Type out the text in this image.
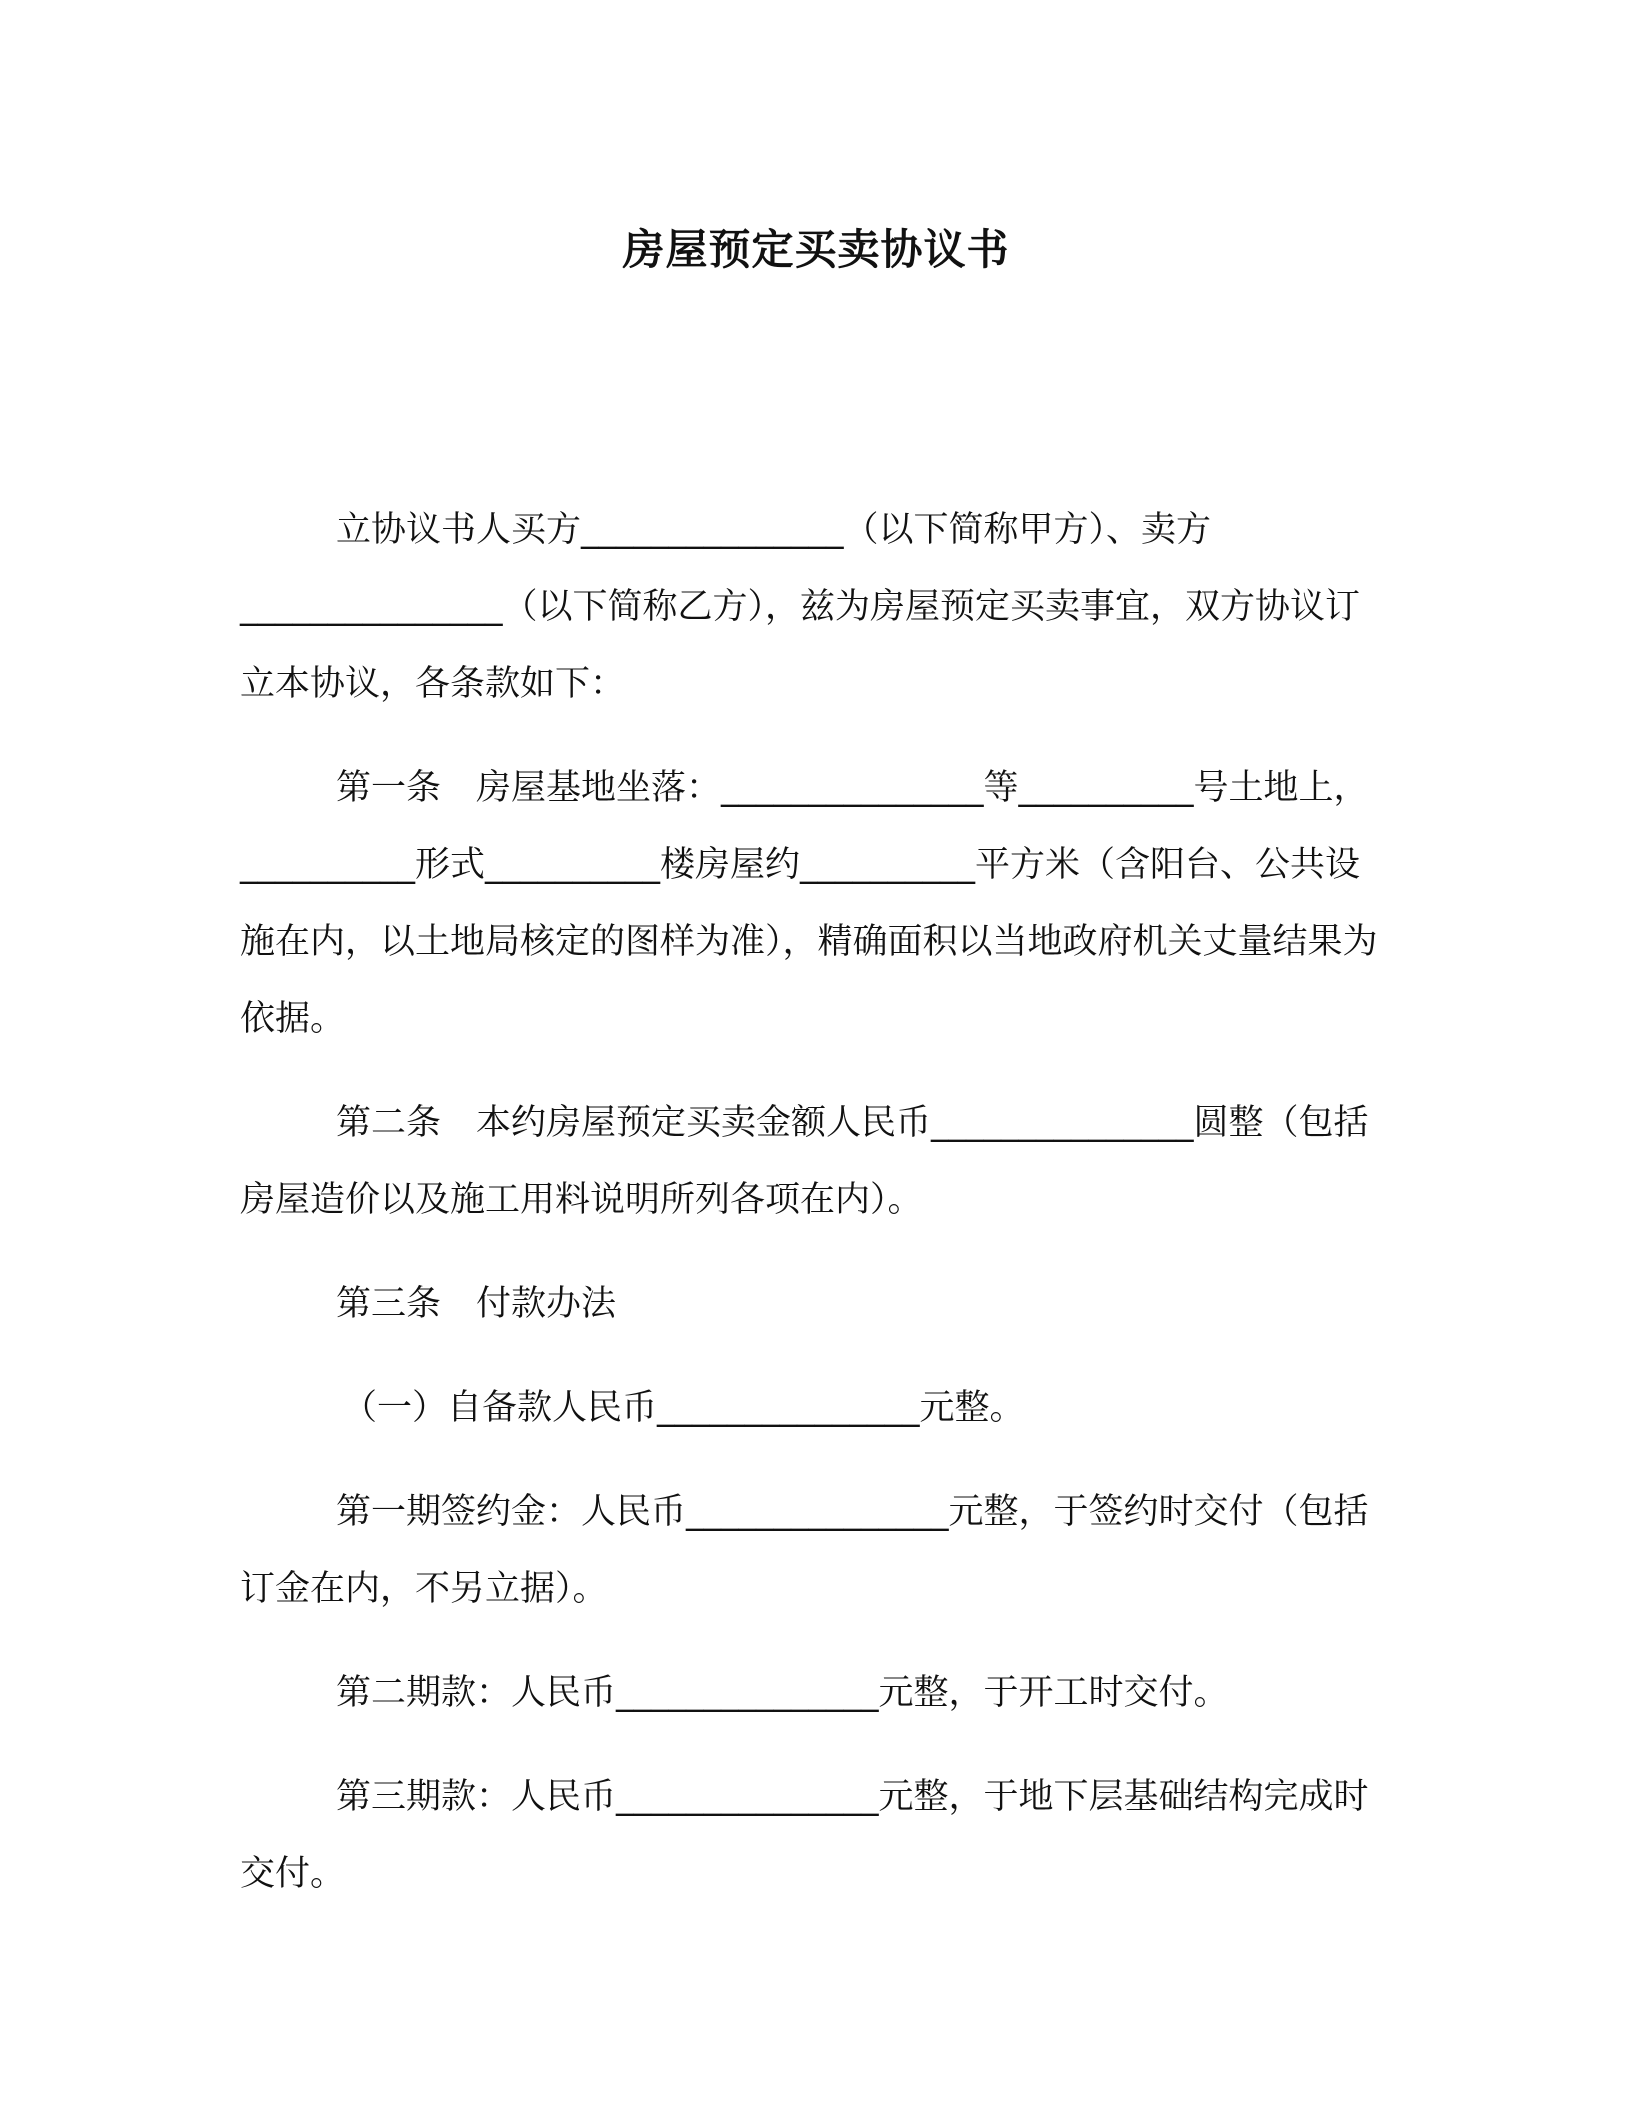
房屋预定买卖协议书

立协议书人买方_______________（以下简称甲方）、卖方_______________（以下简称乙方），兹为房屋预定买卖事宜，双方协议订立本协议，各条款如下：

第一条　房屋基地坐落：_______________等__________号土地上，__________形式__________楼房屋约__________平方米（含阳台、公共设施在内，以土地局核定的图样为准），精确面积以当地政府机关丈量结果为依据。

第二条　本约房屋预定买卖金额人民币_______________圆整（包括房屋造价以及施工用料说明所列各项在内）。

第三条　付款办法

（一）自备款人民币_______________元整。

第一期签约金：人民币_______________元整，于签约时交付（包括订金在内，不另立据）。

第二期款：人民币_______________元整，于开工时交付。

第三期款：人民币_______________元整，于地下层基础结构完成时交付。
